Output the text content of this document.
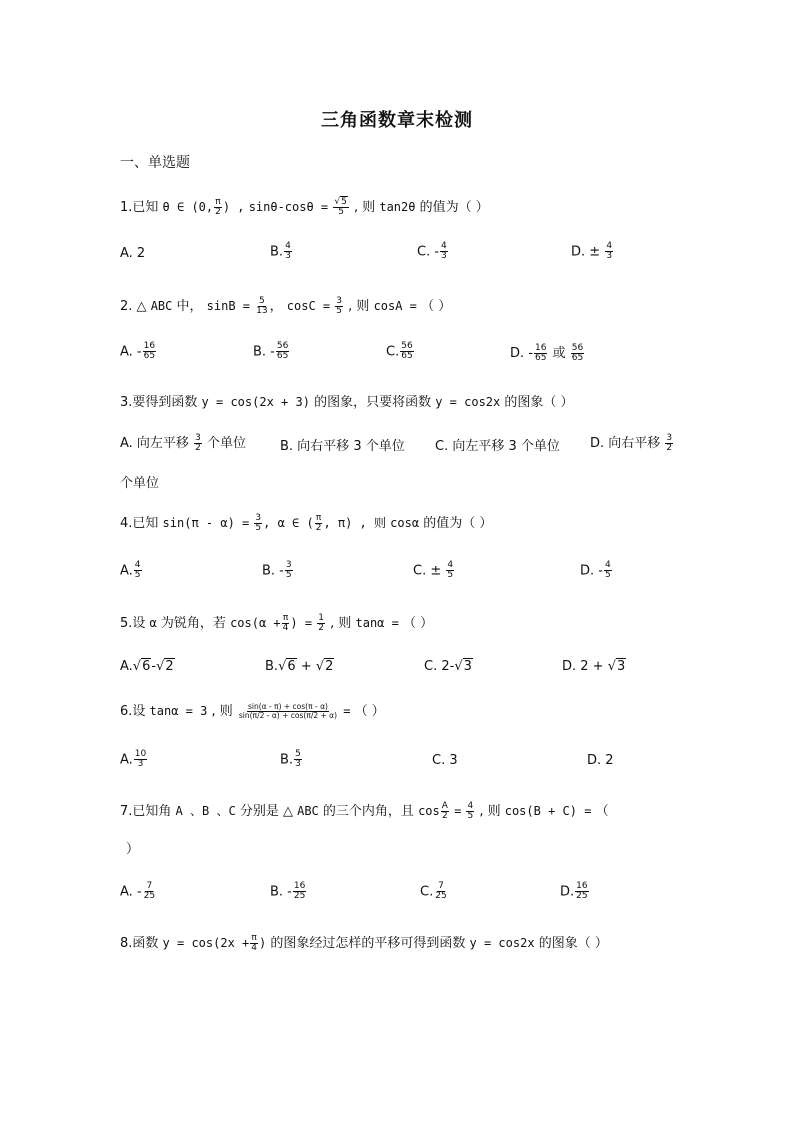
三角函数章末检测
一、单选题
1.已知 θ ∈ (0, $\frac{\pi}{2}$ ) , $\sin\theta-\cos\theta = \frac{√5}{5}$ , 则 tan2θ 的值为（ ）
A. 2	B. $\frac{4}{3}$	C. - $\frac{4}{3}$	D. ± $\frac{4}{3}$
2. △ ABC 中， $\sin B = \frac{5}{13}$ ， $\cos C = \frac{3}{5}$ , 则 cosA = （ ）
A. - $\frac{16}{65}$	B. - $\frac{56}{65}$	C. $\frac{56}{65}$	D. - $\frac{16}{65}$ 或 $\frac{56}{65}$
3.要得到函数 y = cos(2x + 3) 的图象，只要将函数 y = cos2x 的图象（ ）
A. 向左平移 $\frac{3}{2}$ 个单位	B. 向右平移 3 个单位 C. 向左平移 3 个单位 D. 向右平移 $\frac{3}{2}$
个单位
4.已知 $\sin(\pi - \alpha) = \frac{3}{5}$ , α ∈ ( $\frac{\pi}{2}$ , π) , 则 cosα 的值为（ ）
A. $\frac{4}{5}$	B. - $\frac{3}{5}$	C. ± $\frac{4}{5}$	D. - $\frac{4}{5}$
5.设 α 为锐角，若 $\cos(\alpha + \frac{\pi}{4}$ ) = $\frac{1}{2}$ , 则 tanα = （ ）
A.√6-√2	B.√6 + √2	C. 2-√3	D. 2 + √3
6.设 tanα = 3 , 则 $\frac{\sin(\alpha - \pi) + \cos(\pi - \alpha)}{\sin(\pi/2 - \alpha) + \cos(\pi/2 + \alpha)}$ = （ ）
A. $\frac{10}{3}$	B. $\frac{5}{3}$	C. 3	D. 2
7.已知角 A 、B 、C 分别是 △ ABC 的三个内角，且 $\cos \frac{A}{2} = \frac{4}{5}$ , 则 cos(B + C) = （
）
A. - $\frac{7}{25}$	B. - $\frac{16}{25}$	C. $\frac{7}{25}$	D. $\frac{16}{25}$
8.函数 $y = \cos(2x + \frac{\pi}{4}$ ) 的图象经过怎样的平移可得到函数 y = cos2x 的图象（ ）
